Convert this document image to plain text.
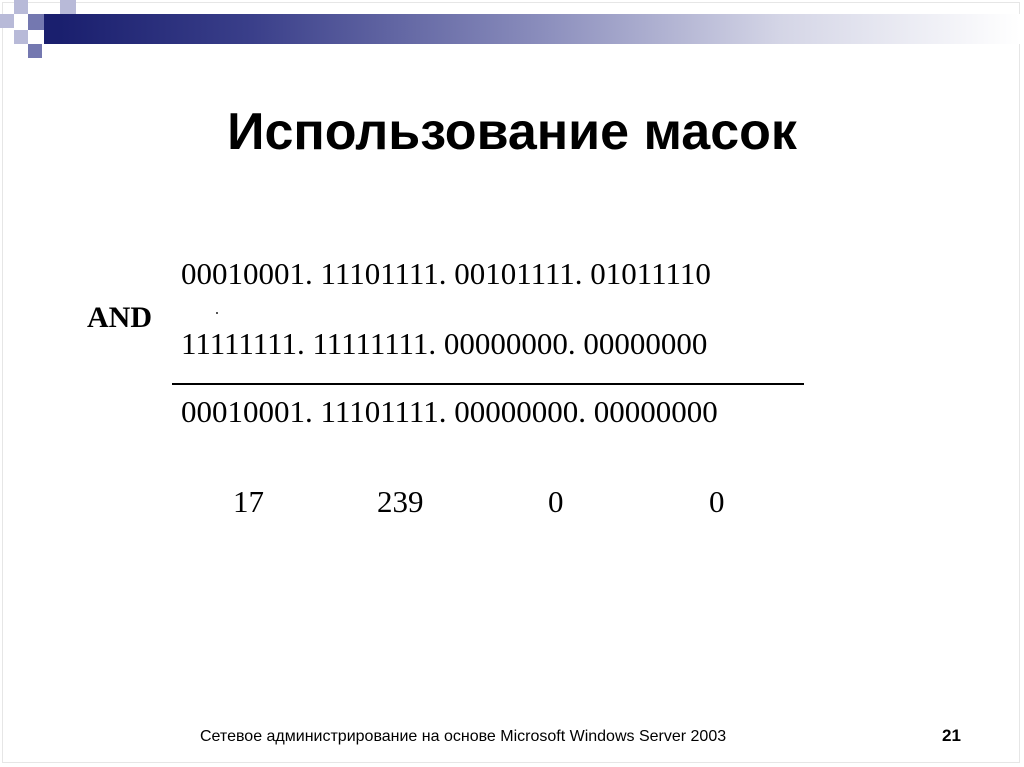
Использование масок
AND
00010001. 11101111. 00101111. 01011110
11111111. 11111111. 00000000. 00000000
00010001. 11101111. 00000000. 00000000
17	239	0	0
Сетевое администрирование на основе Microsoft Windows Server 2003	21
